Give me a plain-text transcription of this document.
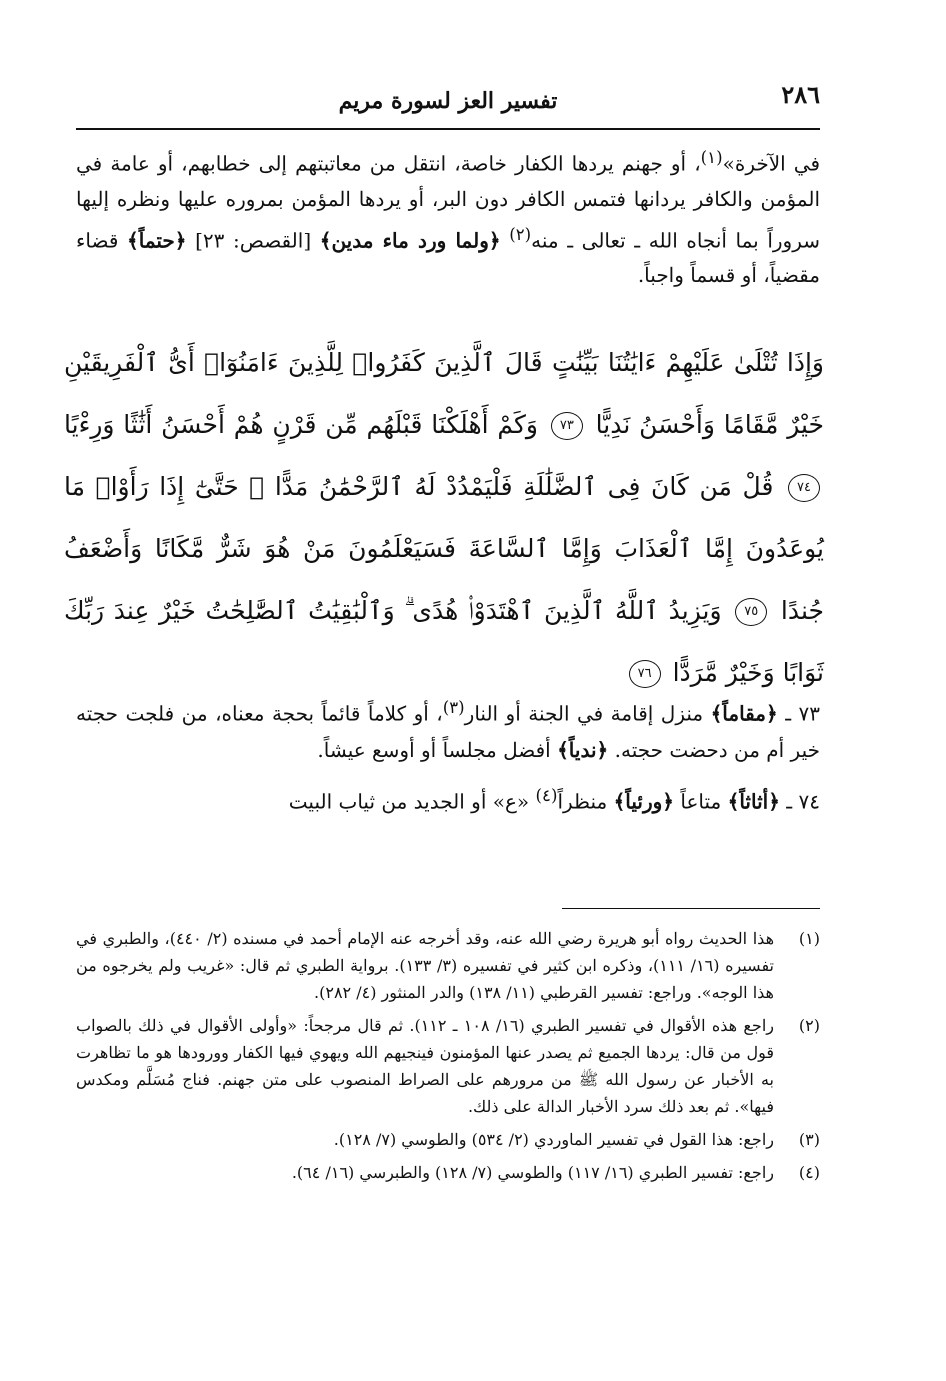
٢٨٦
تفسير العز لسورة مريم
في الآخرة»$^{(١)}$، أو جهنم يردها الكفار خاصة، انتقل من معاتبتهم إلى خطابهم، أو عامة في المؤمن والكافر يردانها فتمس الكافر دون البر، أو يردها المؤمن بمروره عليها ونظره إليها سروراً بما أنجاه الله ـ تعالى ـ منه$^{(٢)}$ ﴿ولما ورد ماء مدين﴾ [القصص: ٢٣] ﴿حتماً﴾ قضاء مقضياً، أو قسماً واجباً.
وَإِذَا تُتْلَىٰ عَلَيْهِمْ ءَايَٰتُنَا بَيِّنَٰتٍ قَالَ ٱلَّذِينَ كَفَرُوا۟ لِلَّذِينَ ءَامَنُوٓا۟ أَىُّ ٱلْفَرِيقَيْنِ خَيْرٌ مَّقَامًا وَأَحْسَنُ نَدِيًّا ٧٣ وَكَمْ أَهْلَكْنَا قَبْلَهُم مِّن قَرْنٍ هُمْ أَحْسَنُ أَثَٰثًا وَرِءْيًا ٧٤ قُلْ مَن كَانَ فِى ٱلضَّلَٰلَةِ فَلْيَمْدُدْ لَهُ ٱلرَّحْمَٰنُ مَدًّا ۚ حَتَّىٰٓ إِذَا رَأَوْا۟ مَا يُوعَدُونَ إِمَّا ٱلْعَذَابَ وَإِمَّا ٱلسَّاعَةَ فَسَيَعْلَمُونَ مَنْ هُوَ شَرٌّ مَّكَانًا وَأَضْعَفُ جُندًا ٧٥ وَيَزِيدُ ٱللَّهُ ٱلَّذِينَ ٱهْتَدَوْا۟ هُدًى ۗ وَٱلْبَٰقِيَٰتُ ٱلصَّٰلِحَٰتُ خَيْرٌ عِندَ رَبِّكَ ثَوَابًا وَخَيْرٌ مَّرَدًّا ٧٦

٧٣ ـ ﴿مقاماً﴾ منزل إقامة في الجنة أو النار$^{(٣)}$، أو كلاماً قائماً بحجة معناه، من فلجت حجته خير أم من دحضت حجته. ﴿ندياً﴾ أفضل مجلساً أو أوسع عيشاً.

٧٤ ـ ﴿أثاثاً﴾ متاعاً ﴿ورئياً﴾ منظراً$^{(٤)}$ «ع» أو الجديد من ثياب البيت

(١)
هذا الحديث رواه أبو هريرة رضي الله عنه، وقد أخرجه عنه الإمام أحمد في مسنده (٢/ ٤٤٠)، والطبري في تفسيره (١٦/ ١١١)، وذكره ابن كثير في تفسيره (٣/ ١٣٣). برواية الطبري ثم قال: «غريب ولم يخرجوه من هذا الوجه». وراجع: تفسير القرطبي (١١/ ١٣٨) والدر المنثور (٤/ ٢٨٢).
(٢)
راجع هذه الأقوال في تفسير الطبري (١٦/ ١٠٨ ـ ١١٢). ثم قال مرجحاً: «وأولى الأقوال في ذلك بالصواب قول من قال: يردها الجميع ثم يصدر عنها المؤمنون فينجيهم الله ويهوي فيها الكفار وورودها هو ما تظاهرت به الأخبار عن رسول الله ﷺ من مرورهم على الصراط المنصوب على متن جهنم. فناج مُسَلَّم ومكدس فيها». ثم بعد ذلك سرد الأخبار الدالة على ذلك.
(٣)
راجع: هذا القول في تفسير الماوردي (٢/ ٥٣٤) والطوسي (٧/ ١٢٨).
(٤)
راجع: تفسير الطبري (١٦/ ١١٧) والطوسي (٧/ ١٢٨) والطبرسي (١٦/ ٦٤).
